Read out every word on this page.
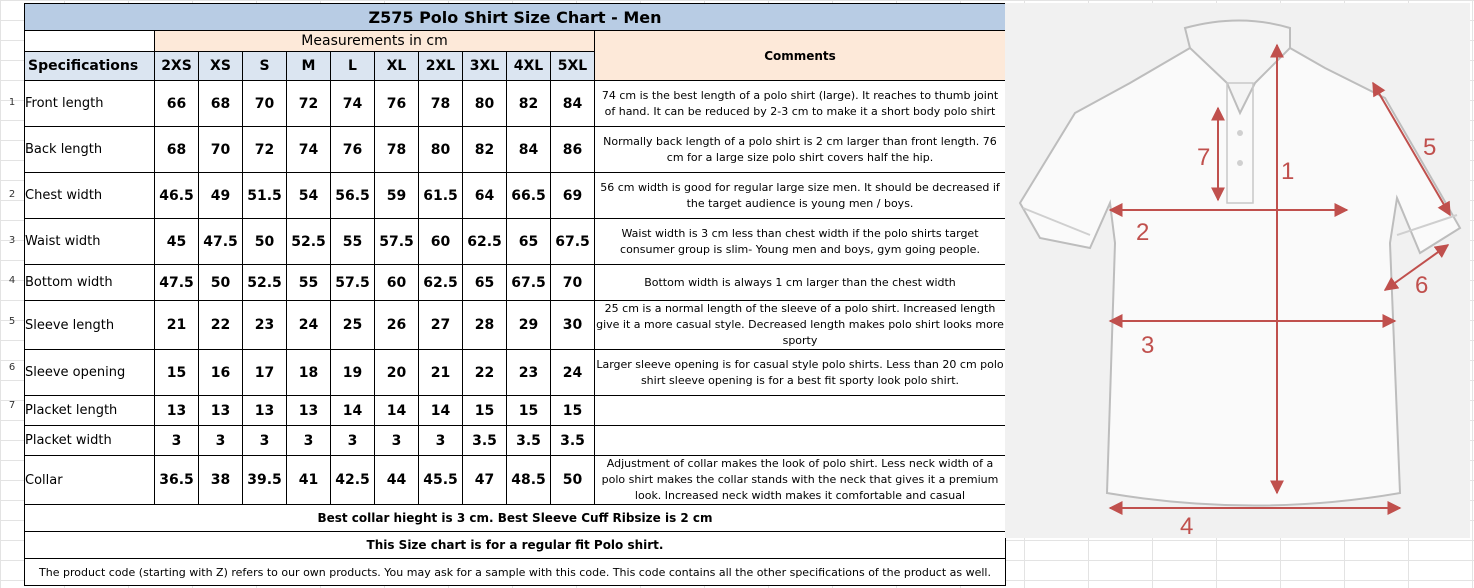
1
2
3
4
5
6
7
Z575 Polo Shirt Size Chart - Men											
	Measurements in cm										Comments
Specifications	2XS	XS	S	M	L	XL	2XL	3XL	4XL	5XL	
Front length	66	68	70	72	74	76	78	80	82	84	74 cm is the best length of a polo shirt (large). It reaches to thumb joint of hand. It can be reduced by 2-3 cm to make it a short body polo shirt
Back length	68	70	72	74	76	78	80	82	84	86	Normally back length of a polo shirt is 2 cm larger than front length. 76 cm for a large size polo shirt covers half the hip.
Chest width	46.5	49	51.5	54	56.5	59	61.5	64	66.5	69	56 cm width is good for regular large size men. It should be decreased if the target audience is young men / boys.
Waist width	45	47.5	50	52.5	55	57.5	60	62.5	65	67.5	Waist width is 3 cm less than chest width if the polo shirts target consumer group is slim- Young men and boys, gym going people.
Bottom width	47.5	50	52.5	55	57.5	60	62.5	65	67.5	70	Bottom width is always 1 cm larger than the chest width
Sleeve length	21	22	23	24	25	26	27	28	29	30	25 cm is a normal length of the sleeve of a polo shirt. Increased length give it a more casual style. Decreased length makes polo shirt looks more sporty
Sleeve opening	15	16	17	18	19	20	21	22	23	24	Larger sleeve opening is for casual style polo shirts. Less than 20 cm polo shirt sleeve opening is for a best fit sporty look polo shirt.
Placket length	13	13	13	13	14	14	14	15	15	15	
Placket width	3	3	3	3	3	3	3	3.5	3.5	3.5	
Collar	36.5	38	39.5	41	42.5	44	45.5	47	48.5	50	Adjustment of collar makes the look of polo shirt. Less neck width of a polo shirt makes the collar stands with the neck that gives it a premium look. Increased neck width makes it comfortable and casual
Best collar hieght is 3 cm. Best Sleeve Cuff Ribsize is 2 cm											
This Size chart is for a regular fit Polo shirt.											
The product code (starting with Z) refers to our own products. You may ask for a sample with this code. This code contains all the other specifications of the product as well.											
1
2
3
4
5
6
7
